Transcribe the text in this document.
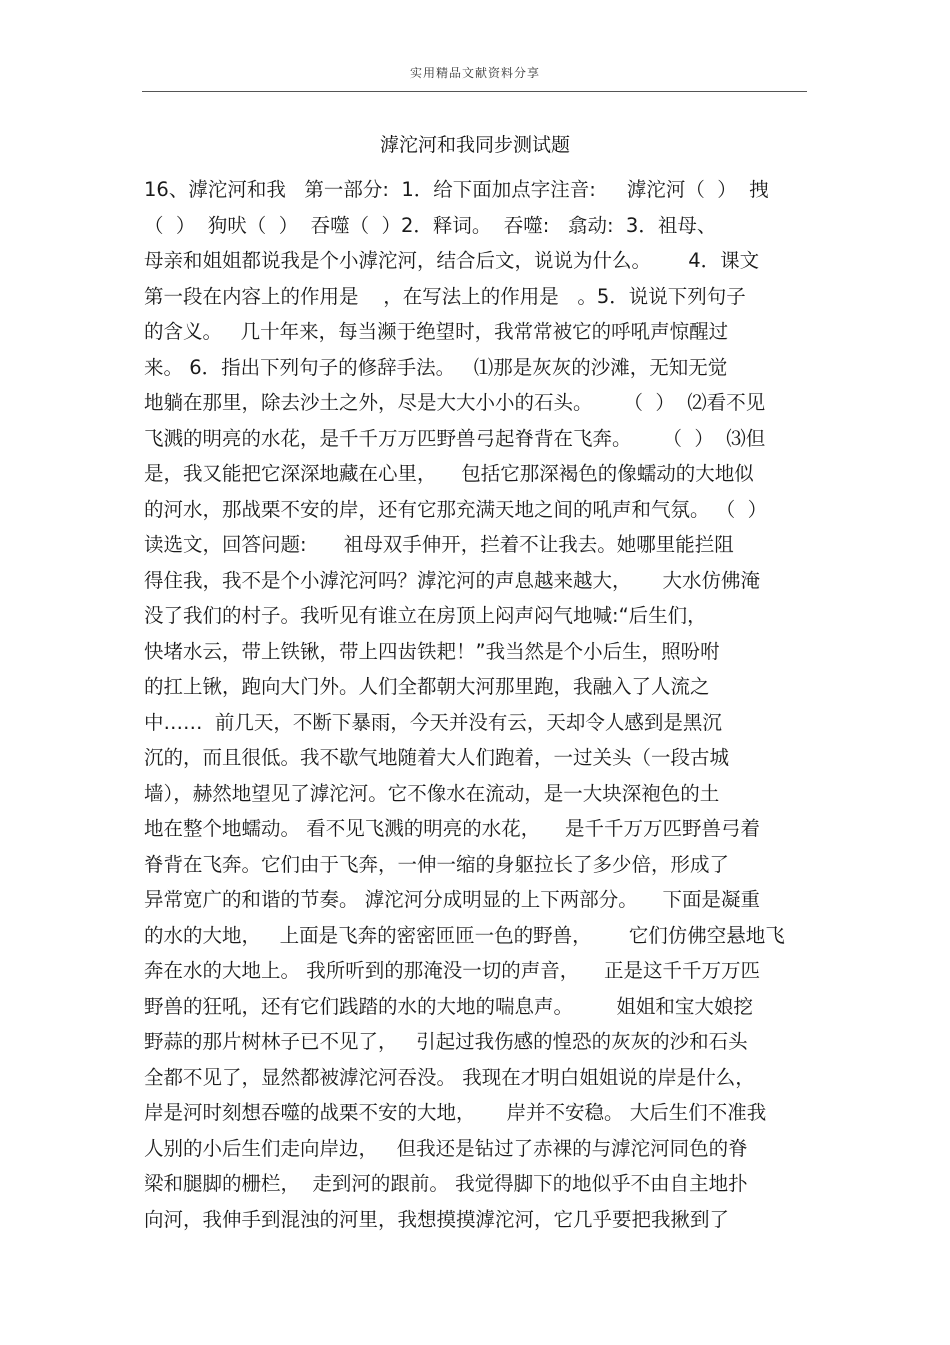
实用精品文献资料分享
滹沱河和我同步测试题
16、滹沱河和我   第一部分:  1．给下面加点字注音:     滹沱河（  ）  拽
（  ）  狗吠（  ）  吞噬（  ）2．释词。  吞噬:   翕动:  3．祖母、
母亲和姐姐都说我是个小滹沱河，结合后文，说说为什么。      4．课文
第一段在内容上的作用是    ，在写法上的作用是   。5．说说下列句子
的含义。   几十年来，每当濒于绝望时，我常常被它的呼吼声惊醒过
来。 6．指出下列句子的修辞手法。   ⑴那是灰灰的沙滩，无知无觉
地躺在那里，除去沙土之外，尽是大大小小的石头。     （  ）  ⑵看不见
飞溅的明亮的水花，是千千万万匹野兽弓起脊背在飞奔。     （  ）  ⑶但
是，我又能把它深深地藏在心里，    包括它那深褐色的像蠕动的大地似
的河水，那战栗不安的岸，还有它那充满天地之间的吼声和气氛。 （  ）
读选文，回答问题:      祖母双手伸开，拦着不让我去。她哪里能拦阻
得住我，我不是个小滹沱河吗？滹沱河的声息越来越大，     大水仿佛淹
没了我们的村子。我听见有谁立在房顶上闷声闷气地喊:“后生们，
快堵水云，带上铁锹，带上四齿铁耙！”我当然是个小后生，照吩咐
的扛上锹，跑向大门外。人们全都朝大河那里跑，我融入了人流之
中……  前几天，不断下暴雨，今天并没有云，天却令人感到是黑沉
沉的，而且很低。我不歇气地随着大人们跑着，一过关头（一段古城
墙），赫然地望见了滹沱河。它不像水在流动，是一大块深袍色的土
地在整个地蠕动。 看不见飞溅的明亮的水花，    是千千万万匹野兽弓着
脊背在飞奔。它们由于飞奔，一伸一缩的身躯拉长了多少倍，形成了
异常宽广的和谐的节奏。 滹沱河分成明显的上下两部分。    下面是凝重
的水的大地，   上面是飞奔的密密匝匝一色的野兽，      它们仿佛空悬地飞
奔在水的大地上。 我所听到的那淹没一切的声音，    正是这千千万万匹
野兽的狂吼，还有它们践踏的水的大地的喘息声。       姐姐和宝大娘挖
野蒜的那片树林子已不见了，   引起过我伤感的惶恐的灰灰的沙和石头
全都不见了，显然都被滹沱河吞没。 我现在才明白姐姐说的岸是什么，
岸是河时刻想吞噬的战栗不安的大地，     岸并不安稳。 大后生们不准我
人别的小后生们走向岸边，   但我还是钻过了赤裸的与滹沱河同色的脊
梁和腿脚的栅栏，  走到河的跟前。 我觉得脚下的地似乎不由自主地扑
向河，我伸手到混浊的河里，我想摸摸滹沱河，它几乎要把我揪到了
